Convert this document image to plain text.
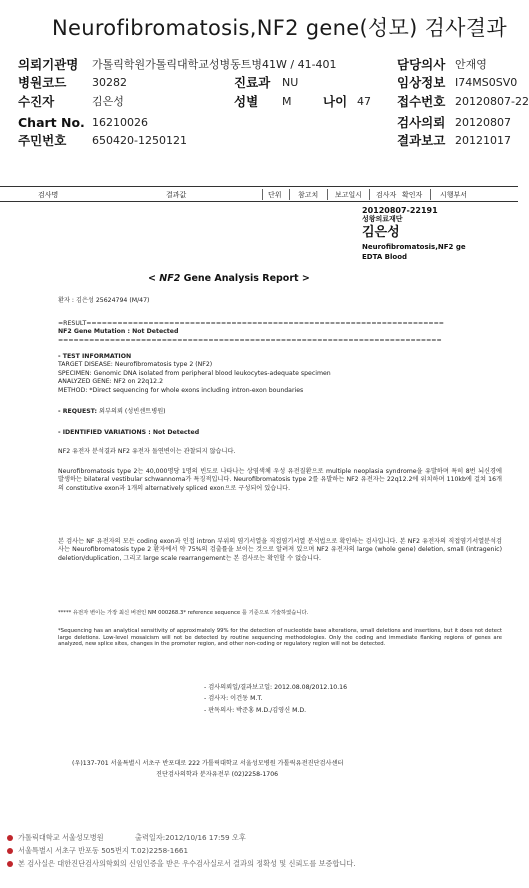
Neurofibromatosis,NF2 gene(성모) 검사결과
의뢰기관명 가톨릭학원가톨릭대학교성병동트병41W / 41-401	담당의사 안재영
병원코드 30282	진료과 NU	임상정보 I74MS0SV0
수진자	김은성	성별 M	나이 47 접수번호 20120807-22
Chart No. 16210026	검사의뢰 20120807
주민번호 650420-1250121	결과보고 20121017
검사명	결과값	단위 참고치 보고일시 검사자 확인자	시행부서
20120807-22191
성왕의료재단
김은성
Neurofibromatosis,NF2 ge
EDTA Blood
< NF2 Gene Analysis Report >

환자 : 김은성 25624794 (M/47)

=RESULT=====================================================================

NF2 Gene Mutation : Not Detected

==========================================================================

- TEST INFORMATION

TARGET DISEASE: Neurofibromatosis type 2 (NF2)

SPECIMEN: Genomic DNA isolated from peripheral blood leukocytes-adequate specimen

ANALYZED GENE: NF2 on 22q12.2

METHOD: *Direct sequencing for whole exons including intron-exon boundaries

- REQUEST: 외부의뢰 (성빈센트병원)

- IDENTIFIED VARIATIONS : Not Detected

NF2 유전자 분석결과 NF2 유전자 돌연변이는 관찰되지 않습니다.

Neurofibromatosis type 2는 40,000명당 1명의 빈도로 나타나는 상염색체 우성 유전질환으로 multiple neoplasia syndrome을 유발하며 특히 8번 뇌신경에 발생하는 bilateral vestibular schwannoma가 특징적입니다. Neurofibromatosis type 2를 유발하는 NF2 유전자는 22q12.2에 위치하며 110kb에 걸쳐 16개의 constitutive exon과 1개의 alternatively spliced exon으로 구성되어 있습니다.

본 검사는 NF 유전자의 모든 coding exon과 인접 intron 부위의 염기서열을 직접염기서열 분석법으로 확인하는 검사입니다. 본 NF2 유전자의 직접염기서열분석검사는 Neurofibromatosis type 2 환자에서 약 75%의 검출률을 보이는 것으로 알려져 있으며 NF2 유전자의 large (whole gene) deletion, small (intragenic) deletion/duplication, 그리고 large scale rearrangement는 본 검사로는 확인할 수 없습니다.

***** 유전자 변이는 가장 최신 버전인 NM 000268.3* reference sequence 를 기준으로 기술하였습니다.

*Sequencing has an analytical sensitivity of approximately 99% for the detection of nucleotide base alterations, small deletions and insertions, but it does not detect large deletions. Low-level mosaicism will not be detected by routine sequencing methodologies. Only the coding and immediate flanking regions of genes are analyzed, new splice sites, changes in the promoter region, and other non-coding or regulatory region will not be detected.

- 검사의뢰일/결과보고일: 2012.08.08/2012.10.16

- 검사자: 이건동 M.T.

- 판독의사: 박준홍 M.D./김영신 M.D.

(우)137-701 서울특별시 서초구 반포대로 222 가톨릭대학교 서울성모병원 가톨릭유전진단검사센터

진단검사의학과 분자유전부 (02)2258-1706

가톨릭대학교 서울성모병원	출력일자:2012/10/16 17:59 오후
서울특별시 서초구 반포동 505번지 T.02)2258-1661
본 검사실은 대한진단검사의학회의 신임인증을 받은 우수검사실로서 결과의 정확성 및 신뢰도를 보증합니다.
